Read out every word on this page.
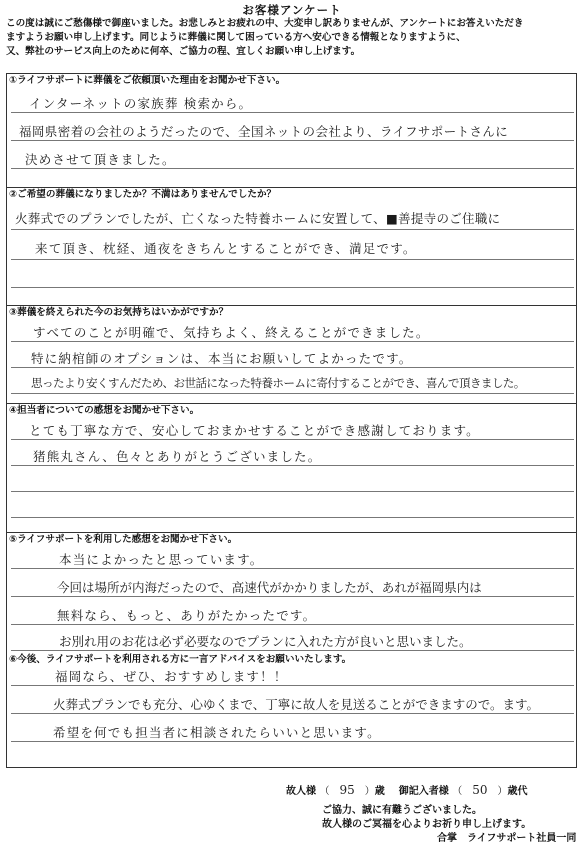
お客様アンケート
この度は誠にご愁傷様で御座いました。お悲しみとお疲れの中、大変申し訳ありませんが、アンケートにお答えいただき
ますようお願い申し上げます。同じように葬儀に関して困っている方へ安心できる情報となりますように、
又、弊社のサービス向上のために何卒、ご協力の程、宜しくお願い申し上げます。
①ライフサポートに葬儀をご依頼頂いた理由をお聞かせ下さい。
インターネットの家族葬 検索から。
福岡県密着の会社のようだったので、全国ネットの会社より、ライフサポートさんに
決めさせて頂きました。
②ご希望の葬儀になりましたか？不満はありませんでしたか？
火葬式でのプランでしたが、亡くなった特養ホームに安置して、■善提寺のご住職に
来て頂き、枕経、通夜をきちんとすることができ、満足です。
③葬儀を終えられた今のお気持ちはいかがですか？
すべてのことが明確で、気持ちよく、終えることができました。
特に納棺師のオプションは、本当にお願いしてよかったです。
思ったより安くすんだため、お世話になった特養ホームに寄付することができ、喜んで頂きました。
④担当者についての感想をお聞かせ下さい。
とても丁寧な方で、安心しておまかせすることができ感謝しております。
猪熊丸さん、色々とありがとうございました。
⑤ライフサポートを利用した感想をお聞かせ下さい。
本当によかったと思っています。
今回は場所が内海だったので、高速代がかかりましたが、あれが福岡県内は
無料なら、もっと、ありがたかったです。
お別れ用のお花は必ず必要なのでプランに入れた方が良いと思いました。
⑥今後、ライフサポートを利用される方に一言アドバイスをお願いいたします。
福岡なら、ぜひ、おすすめします！！
火葬式プランでも充分、心ゆくまで、丁寧に故人を見送ることができますので。ます。
希望を何でも担当者に相談されたらいいと思います。
故人様 （ 95 ）歳 御記入者様 （ 50 ）歳代
ご協力、誠に有難うございました。
故人様のご冥福を心よりお祈り申し上げます。
合掌　ライフサポート社員一同
